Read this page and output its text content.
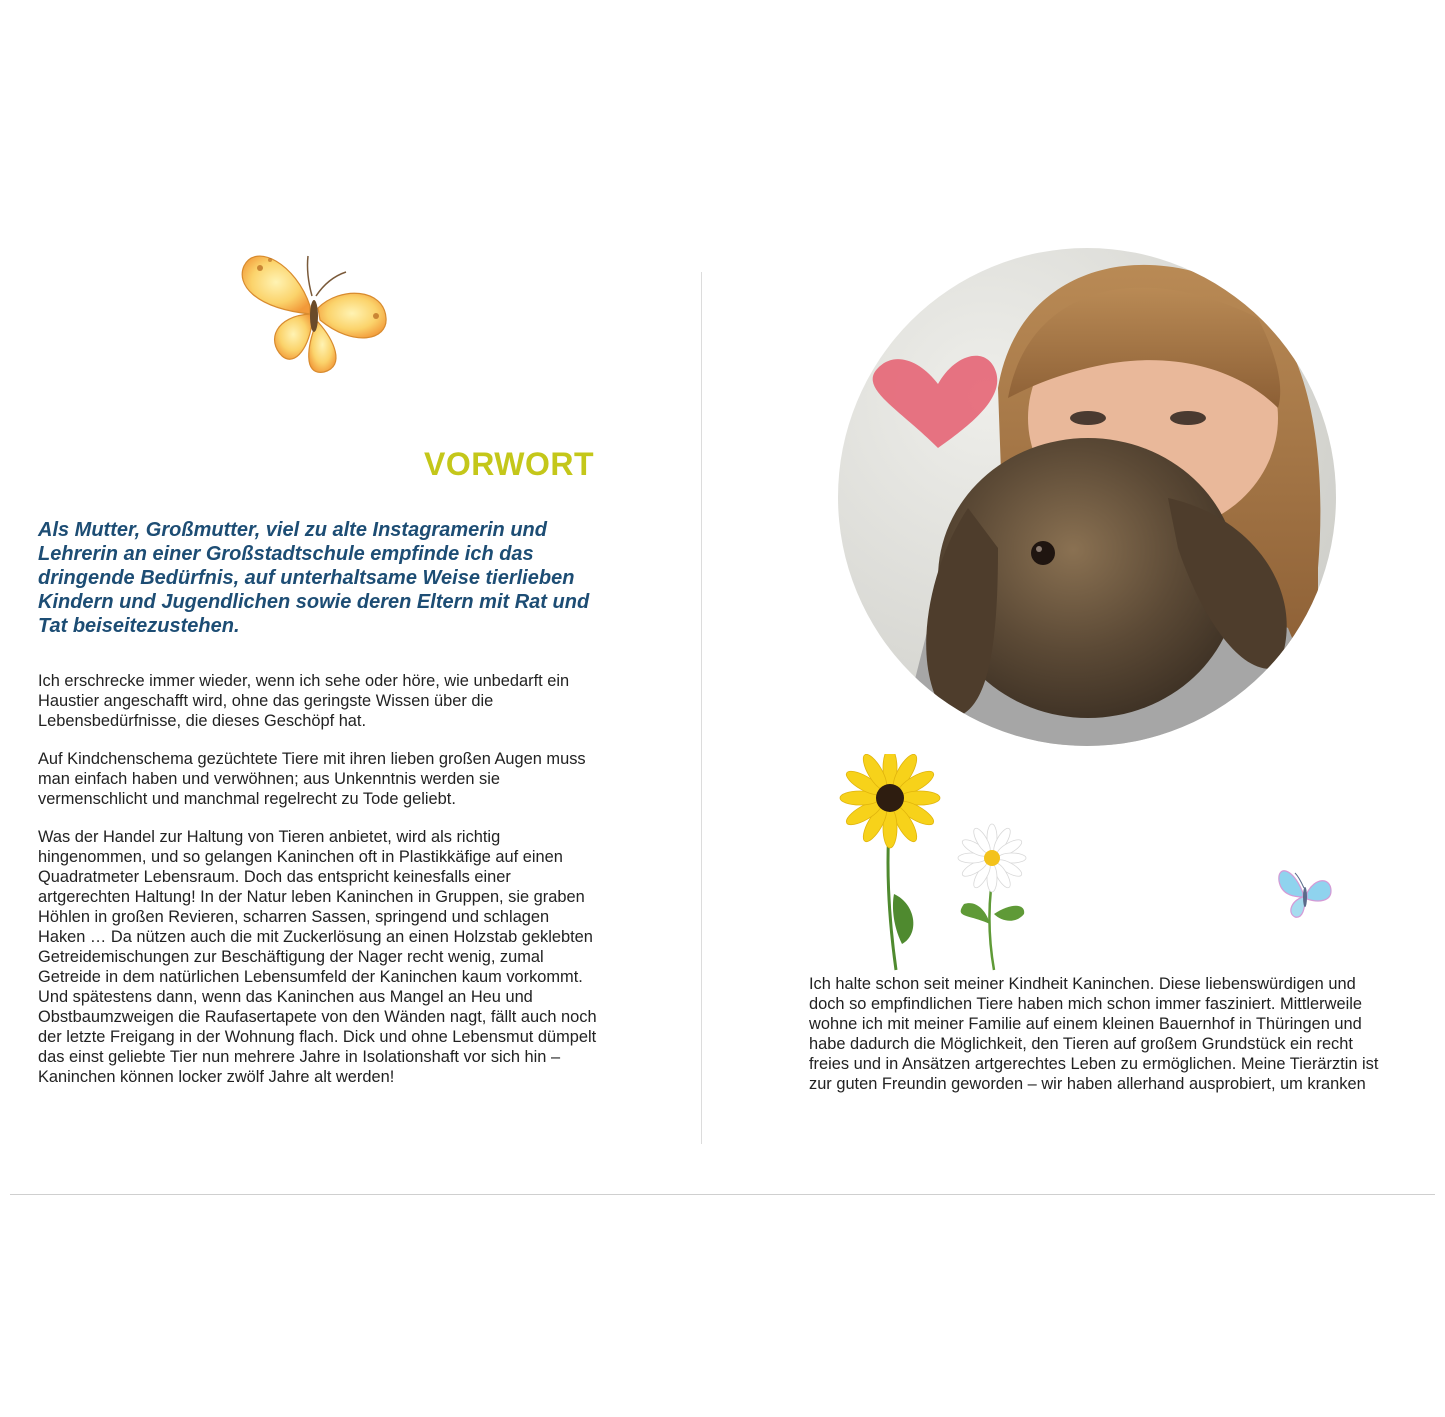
VORWORT

Als Mutter, Großmutter, viel zu alte Instagramerin und Lehrerin an einer Großstadtschule empfinde ich das dringende Bedürfnis, auf unterhaltsame Weise tierlieben Kindern und Jugendlichen sowie deren Eltern mit Rat und Tat beiseitezustehen.

Ich erschrecke immer wieder, wenn ich sehe oder höre, wie unbedarft ein Haustier angeschafft wird, ohne das geringste Wissen über die Lebensbedürfnisse, die dieses Geschöpf hat.

Auf Kindchenschema gezüchtete Tiere mit ihren lieben großen Augen muss man einfach haben und verwöhnen; aus Unkenntnis werden sie vermenschlicht und manchmal regelrecht zu Tode geliebt.

Was der Handel zur Haltung von Tieren anbietet, wird als richtig hingenommen, und so gelangen Kaninchen oft in Plastikkäfige auf einen Quadratmeter Lebensraum. Doch das entspricht keinesfalls einer artgerechten Haltung! In der Natur leben Kaninchen in Gruppen, sie graben Höhlen in großen Revieren, scharren Sassen, springend und schlagen Haken … Da nützen auch die mit Zuckerlösung an einen Holzstab geklebten Getreidemischungen zur Beschäftigung der Nager recht wenig, zumal Getreide in dem natürlichen Lebensumfeld der Kaninchen kaum vorkommt. Und spätestens dann, wenn das Kaninchen aus Mangel an Heu und Obstbaumzweigen die Raufasertapete von den Wänden nagt, fällt auch noch der letzte Freigang in der Wohnung flach. Dick und ohne Lebensmut dümpelt das einst geliebte Tier nun mehrere Jahre in Isolationshaft vor sich hin – Kaninchen können locker zwölf Jahre alt werden!

Ich halte schon seit meiner Kindheit Kaninchen. Diese liebenswürdigen und doch so empfindlichen Tiere haben mich schon immer fasziniert. Mittlerweile wohne ich mit meiner Familie auf einem kleinen Bauernhof in Thüringen und habe dadurch die Möglichkeit, den Tieren auf großem Grundstück ein recht freies und in Ansätzen artgerechtes Leben zu ermöglichen. Meine Tierärztin ist zur guten Freundin geworden – wir haben allerhand ausprobiert, um kranken
